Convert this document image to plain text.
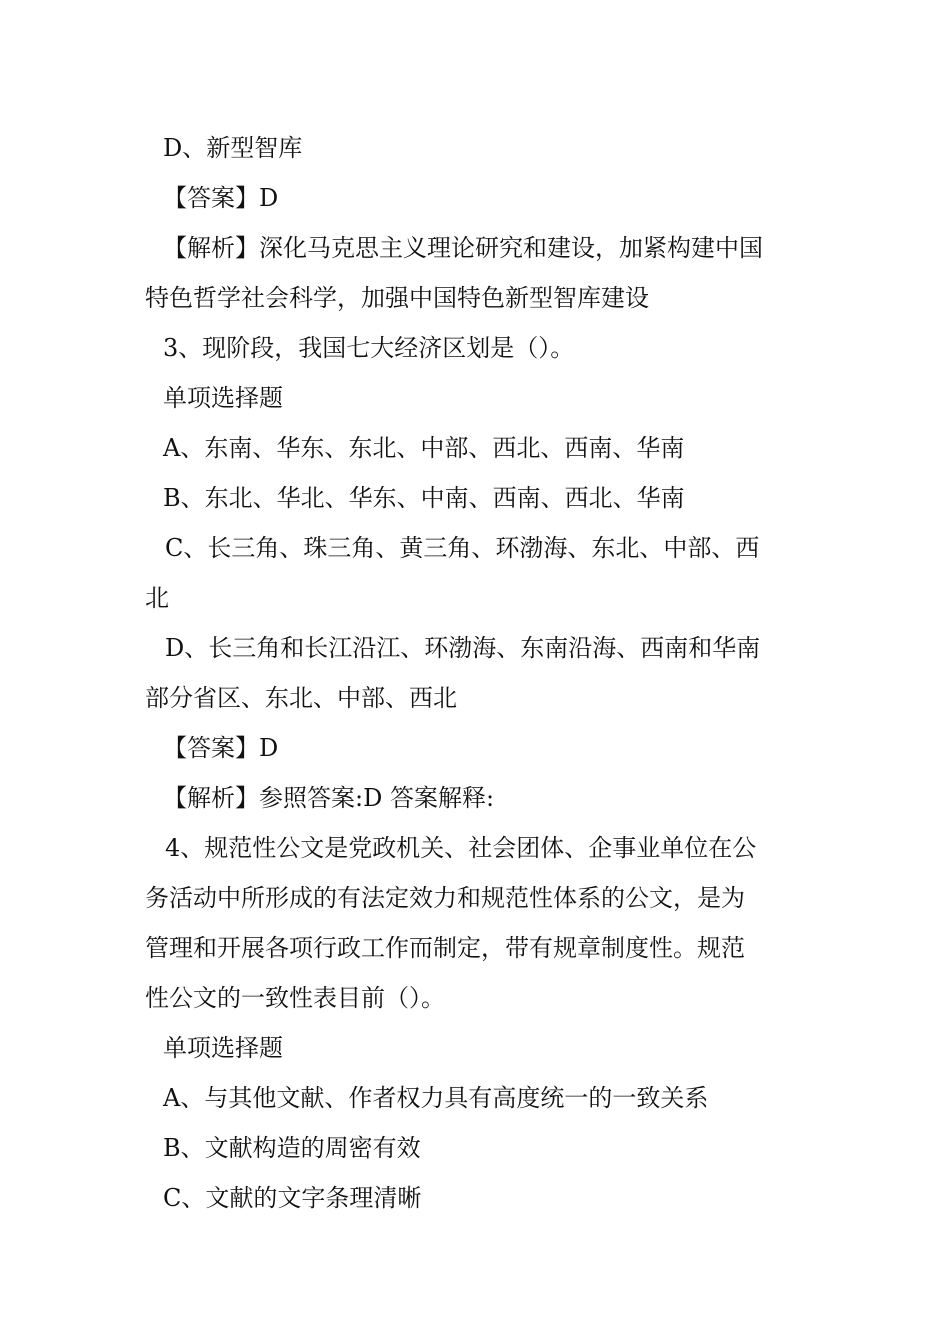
D、新型智库
【答案】D
【解析】深化马克思主义理论研究和建设，加紧构建中国
特色哲学社会科学，加强中国特色新型智库建设
3、现阶段，我国七大经济区划是（）。
单项选择题
A、东南、华东、东北、中部、西北、西南、华南
B、东北、华北、华东、中南、西南、西北、华南
C、长三角、珠三角、黄三角、环渤海、东北、中部、西
北
D、长三角和长江沿江、环渤海、东南沿海、西南和华南
部分省区、东北、中部、西北
【答案】D
【解析】参照答案:D 答案解释:
4、规范性公文是党政机关、社会团体、企事业单位在公
务活动中所形成的有法定效力和规范性体系的公文，是为
管理和开展各项行政工作而制定，带有规章制度性。规范
性公文的一致性表目前（）。
单项选择题
A、与其他文献、作者权力具有高度统一的一致关系
B、文献构造的周密有效
C、文献的文字条理清晰
